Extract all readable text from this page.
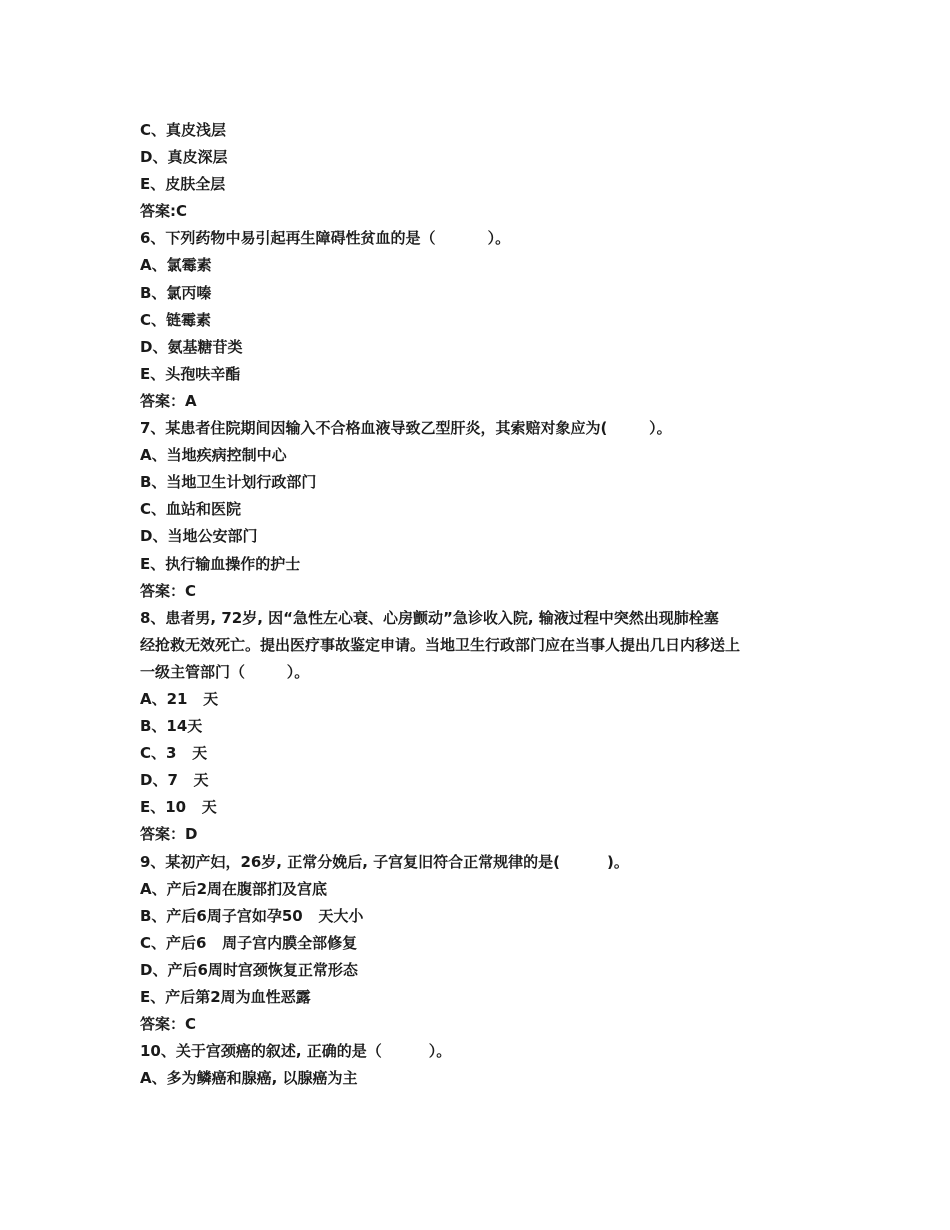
C、真皮浅层
D、真皮深层
E、皮肤全层
答案:C
6、下列药物中易引起再生障碍性贫血的是（          ）。
A、氯霉素
B、氯丙嗪
C、链霉素
D、氨基糖苷类
E、头孢呋辛酯
答案：A
7、某患者住院期间因输入不合格血液导致乙型肝炎，其索赔对象应为(        ）。
A、当地疾病控制中心
B、当地卫生计划行政部门
C、血站和医院
D、当地公安部门
E、执行输血操作的护士
答案：C
8、患者男, 72岁, 因“急性左心衰、心房颤动”急诊收入院, 输液过程中突然出现肺栓塞
经抢救无效死亡。提出医疗事故鉴定申请。当地卫生行政部门应在当事人提出几日内移送上
一级主管部门（        ）。
A、21   天
B、14天
C、3   天
D、7   天
E、10   天
答案：D
9、某初产妇，26岁, 正常分娩后, 子宫复旧符合正常规律的是(         )。
A、产后2周在腹部扪及宫底
B、产后6周子宫如孕50   天大小
C、产后6   周子宫内膜全部修复
D、产后6周时宫颈恢复正常形态
E、产后第2周为血性恶露
答案：C
10、关于宫颈癌的叙述, 正确的是（         ）。
A、多为鳞癌和腺癌, 以腺癌为主
